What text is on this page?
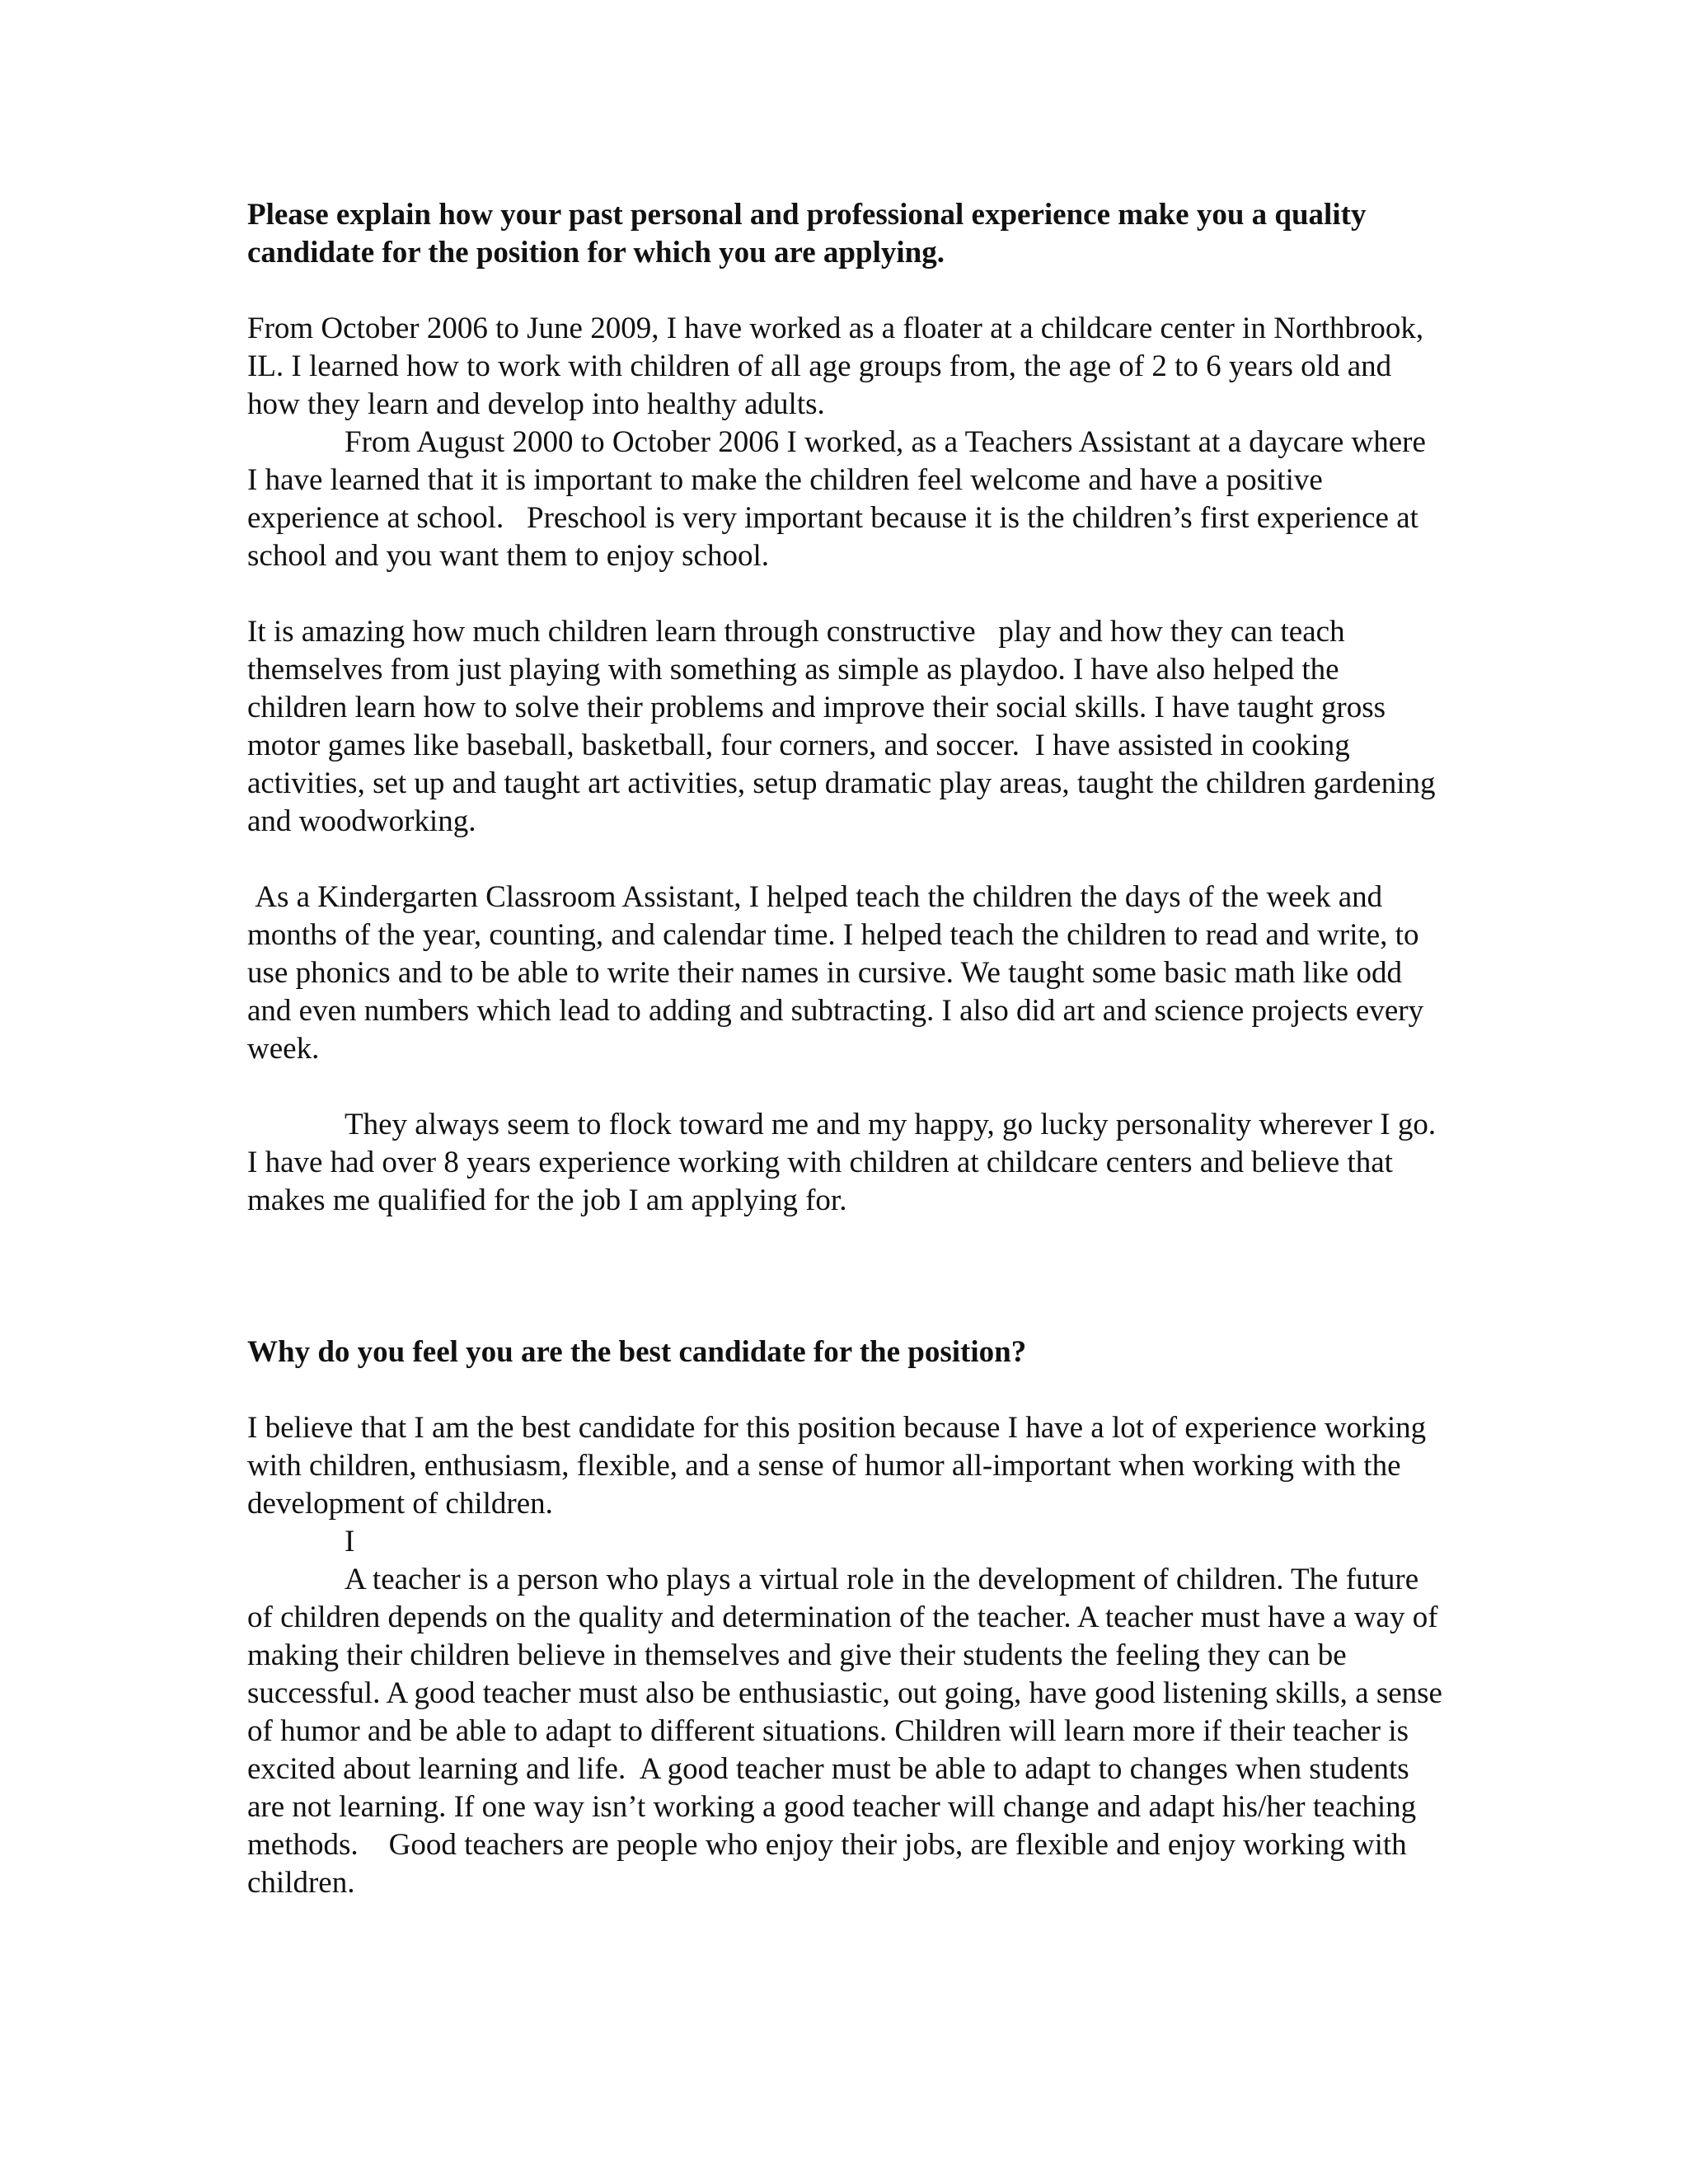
Please explain how your past personal and professional experience make you a quality candidate for the position for which you are applying.

From October 2006 to June 2009, I have worked as a floater at a childcare center in Northbrook, IL. I learned how to work with children of all age groups from, the age of 2 to 6 years old and how they learn and develop into healthy adults.

From August 2000 to October 2006 I worked, as a Teachers Assistant at a daycare where I have learned that it is important to make the children feel welcome and have a positive experience at school.   Preschool is very important because it is the children’s first experience at school and you want them to enjoy school.

It is amazing how much children learn through constructive   play and how they can teach themselves from just playing with something as simple as playdoo. I have also helped the children learn how to solve their problems and improve their social skills. I have taught gross motor games like baseball, basketball, four corners, and soccer.  I have assisted in cooking activities, set up and taught art activities, setup dramatic play areas, taught the children gardening and woodworking.

As a Kindergarten Classroom Assistant, I helped teach the children the days of the week and months of the year, counting, and calendar time. I helped teach the children to read and write, to use phonics and to be able to write their names in cursive. We taught some basic math like odd and even numbers which lead to adding and subtracting. I also did art and science projects every week.

They always seem to flock toward me and my happy, go lucky personality wherever I go.  I have had over 8 years experience working with children at childcare centers and believe that makes me qualified for the job I am applying for.

Why do you feel you are the best candidate for the position?

I believe that I am the best candidate for this position because I have a lot of experience working with children, enthusiasm, flexible, and a sense of humor all-important when working with the development of children.

I

A teacher is a person who plays a virtual role in the development of children. The future of children depends on the quality and determination of the teacher. A teacher must have a way of making their children believe in themselves and give their students the feeling they can be successful. A good teacher must also be enthusiastic, out going, have good listening skills, a sense of humor and be able to adapt to different situations. Children will learn more if their teacher is excited about learning and life.  A good teacher must be able to adapt to changes when students are not learning. If one way isn’t working a good teacher will change and adapt his/her teaching methods.    Good teachers are people who enjoy their jobs, are flexible and enjoy working with children.
